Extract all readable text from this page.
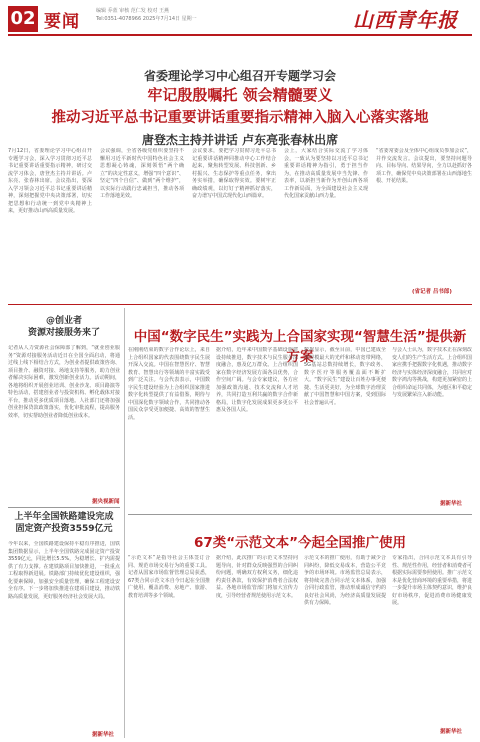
02 要闻
编辑 乔蓝 审核 范仁发 校对 王燕
Tel:0351-4078966 2025年7月14日 星期一	山西青年报
省委理论学习中心组召开专题学习会
牢记殷殷嘱托 领会精髓要义
推动习近平总书记重要讲话重要指示精神入脑入心落实落地
唐登杰主持并讲话 卢东亮张春林出席
7月12日，省委理论学习中心组召开专题学习会，深入学习贯彻习近平总书记重要讲话重要指示精神，研讨交流学习体会，唐登杰主持并讲话。卢东亮、张春林出席。会议指出，要深入学习领会习近平总书记重要讲话精神，深刻把握党中央决策部署，切实把思想和行动统一到党中央精神上来，更好推动山西高质量发展。
会议强调，全省各级党组织要坚持不懈用习近平新时代中国特色社会主义思想凝心铸魂，深刻领悟“两个确立”的决定性意义，增强“四个意识”、坚定“四个自信”、做到“两个维护”，以实际行动践行忠诚担当，推动各项工作落地见效。
会议要求，要把学习贯彻习近平总书记重要讲话精神同推动中心工作结合起来，聚焦转型发展、科技创新、乡村振兴、生态保护等重点任务，拿出务实举措，确保取得实效。要树牢正确政绩观，以钉钉子精神抓好落实，奋力谱写中国式现代化山西篇章。
会上，大家结合实际交流了学习体会，一致认为要坚持以习近平总书记重要讲话精神为指引，勇于担当作为，在推动高质量发展中当先锋、作表率，以新担当新作为开创山西各项工作新局面，为全面建设社会主义现代化国家贡献山西力量。
“省委常委会及全体中心组成员参加会议”，并作交流发言。会议提出，要坚持问题导向、目标导向、结果导向，全力以赴抓好各项工作，确保党中央决策部署在山西落地生根、开花结果。
(省记者 吕书郎)
@创业者
资源对接服务来了
记者从人力资源社会保障部了解到，“就业创业服务”资源对接服务活动近日在全国全面启动，将通过线上线下相结合方式，为创业者提供政策咨询、项目推介、融资对接、场地支持等服务，助力创业者解决实际困难，激发创新创业活力。活动期间，各地将组织开展创业培训、创业沙龙、项目路演等特色活动，搭建创业者与投资机构、孵化载体对接平台，推动更多优质项目落地。人社部门还将加强创业担保贷款政策落实，优化审批流程，提高服务效率，切实帮助创业者降低创业成本。
据央视新闻
上半年全国铁路建设完成
固定资产投资3559亿元
今年以来，全国铁路建设保持平稳有序推进，国铁集团数据显示，上半年全国铁路完成固定资产投资3559亿元，同比增长5.5%，为稳增长、扩内需提供了有力支撑。在建铁路项目加快推进，一批重点工程取得新进展。铁路部门持续优化建设组织，强化要素保障，加强安全质量管理，确保工程建设安全有序。下一步将加快推进在建项目建设，推动铁路高质量发展，更好服务经济社会发展大局。
据新华社
中国“数字民生”实践为上合国家实现“智慧生活”提供新方案
在刚刚结束的数字合作论坛上，来自上合组织国家的代表围绕数字民生展开深入交流。中国在智慧医疗、智慧教育、智慧出行等领域的丰富实践受到广泛关注。与会代表表示，中国数字民生建设经验为上合组织国家推进数字化转型提供了有益借鉴，期待与中国深化数字领域合作，共同推动各国民众享受更加便捷、高效的智慧生活。
据介绍，近年来中国数字基础设施建设持续推进，数字技术与民生服务深度融合，惠及亿万群众。上合组织国家在数字经济发展方面各具优势，合作空间广阔。与会专家建议，各方应加强政策沟通、技术交流和人才培养，共同打造互利共赢的数字合作新格局，让数字化发展成果更多更公平惠及各国人民。
数据显示，截至目前，中国已建成全球规模最大的光纤和移动宽带网络，5G基站总数持续增长，数字政务、数字医疗等服务覆盖面不断扩大。“数字民生”建设让百姓办事更便捷、生活更美好，为全球数字治理贡献了中国智慧和中国方案，受到国际社会普遍认可。
与会人士认为，数字技术正在深刻改变人们的生产生活方式。上合组织国家应携手把握数字化机遇，推动数字经济与实体经济深度融合，共同应对数字鸿沟等挑战，构建更加紧密的上合组织命运共同体，为地区和平稳定与发展繁荣注入新动能。
据新华社
67类“示范文本”今起全国推广使用
“示范文本”是指导社会主体签订合同、规范市场交易行为的重要工具。记者从国家市场监督管理总局获悉，67类合同示范文本自今日起在全国推广使用，覆盖消费、房地产、旅游、教育培训等多个领域。
据介绍，此次推广的示范文本坚持问题导向，针对群众反映强烈的合同纠纷问题，明确双方权利义务，细化违约责任条款，有效保护消费者合法权益。各地市场监管部门将加大宣传力度，引导经营者规范使用示范文本。
示范文本的推广使用，有助于减少合同纠纷，降低交易成本，营造公平竞争的市场环境。市场监管总局表示，将持续完善合同示范文本体系，加强合同行政监管，推动形成诚信守约的良好社会风尚，为经济高质量发展提供有力保障。
专家指出，合同示范文本具有引导性、规范性作用，经营者和消费者可根据实际需要参照使用。推广示范文本是优化营商环境的重要举措，将进一步提升市场主体契约意识，维护良好市场秩序，促进消费市场健康发展。
据新华社
